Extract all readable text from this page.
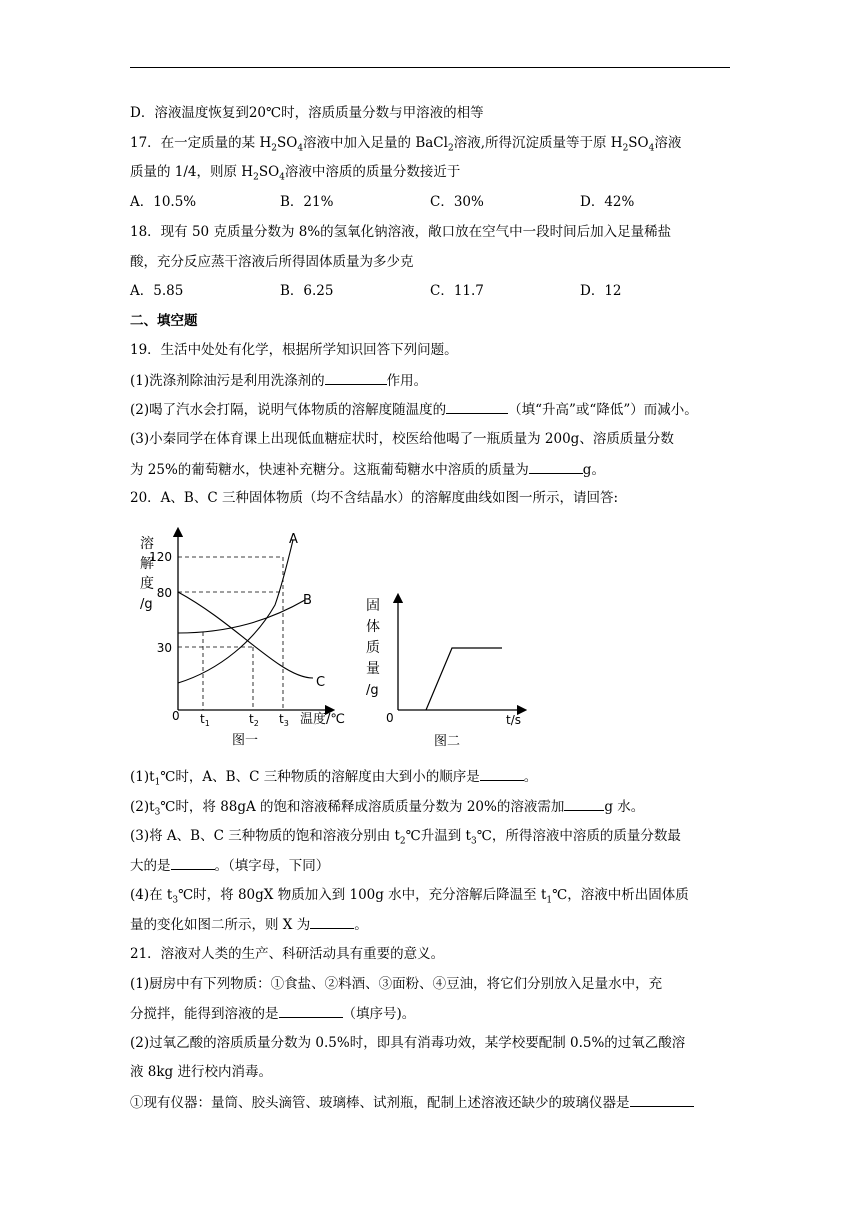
D．溶液温度恢复到20℃时，溶质质量分数与甲溶液的相等
17．在一定质量的某 $H_2SO_4$溶液中加入足量的 BaCl$_2$溶液,所得沉淀质量等于原 $H_2SO_4$溶液
质量的 1/4，则原 $H_2SO_4$溶液中溶质的质量分数接近于
A．10.5%	B．21%	C．30%	D．42%
18．现有 50 克质量分数为 8%的氢氧化钠溶液，敞口放在空气中一段时间后加入足量稀盐
酸，充分反应蒸干溶液后所得固体质量为多少克
A．5.85	B．6.25	C．11.7	D．12
二、填空题
19．生活中处处有化学，根据所学知识回答下列问题。
(1)洗涤剂除油污是利用洗涤剂的	作用。
(2)喝了汽水会打隔，说明气体物质的溶解度随温度的	（填“升高”或“降低”）而减小。
(3)小秦同学在体育课上出现低血糖症状时，校医给他喝了一瓶质量为 200g、溶质质量分数
为 25%的葡萄糖水，快速补充糖分。这瓶葡萄糖水中溶质的质量为	g。
20．A、B、C 三种固体物质（均不含结晶水）的溶解度曲线如图一所示，请回答:
溶
解
度
/g
120
80
30
0 $t_1$	$t_2$ $t_3$ 温度/℃
A
B
C
图一
固
体
质
量
/g
0	t/s
图二
$(1)t_1℃$时，A、B、C 三种物质的溶解度由大到小的顺序是	。
$(2)t_3℃$时，将 88gA 的饱和溶液稀释成溶质质量分数为 20%的溶液需加	g 水。
(3)将 A、B、C 三种物质的饱和溶液分别由 $t_2℃$升温到 $t_3℃$，所得溶液中溶质的质量分数最
大的是	。（填字母，下同）
(4)在 $t_3℃$时，将 80gX 物质加入到 100g 水中，充分溶解后降温至 $t_1℃$，溶液中析出固体质
量的变化如图二所示，则 X 为	。
21．溶液对人类的生产、科研活动具有重要的意义。
(1)厨房中有下列物质：①食盐、②料酒、③面粉、④豆油，将它们分别放入足量水中，充
分搅拌，能得到溶液的是	（填序号)。
(2)过氧乙酸的溶质质量分数为 0.5%时，即具有消毒功效，某学校要配制 0.5%的过氧乙酸溶
液 8kg 进行校内消毒。
①现有仪器：量筒、胶头滴管、玻璃棒、试剂瓶，配制上述溶液还缺少的玻璃仪器是
